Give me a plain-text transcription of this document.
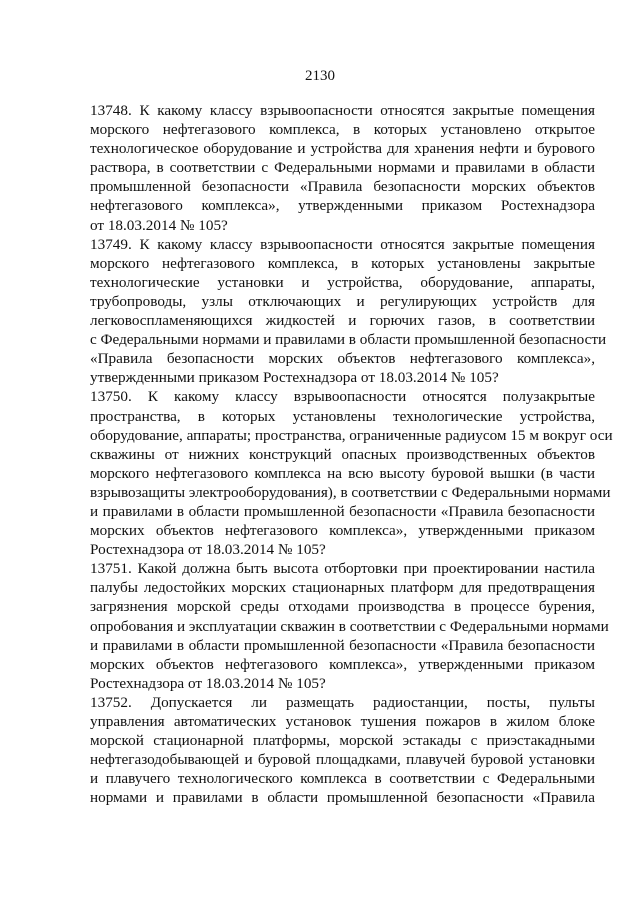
2130
13748. К какому классу взрывоопасности относятся закрытые помещения
морского нефтегазового комплекса, в которых установлено открытое
технологическое оборудование и устройства для хранения нефти и бурового
раствора, в соответствии с Федеральными нормами и правилами в области
промышленной безопасности «Правила безопасности морских объектов
нефтегазового комплекса», утвержденными приказом Ростехнадзора
от 18.03.2014 № 105?
13749. К какому классу взрывоопасности относятся закрытые помещения
морского нефтегазового комплекса, в которых установлены закрытые
технологические установки и устройства, оборудование, аппараты,
трубопроводы, узлы отключающих и регулирующих устройств для
легковоспламеняющихся жидкостей и горючих газов, в соответствии
с Федеральными нормами и правилами в области промышленной безопасности
«Правила безопасности морских объектов нефтегазового комплекса»,
утвержденными приказом Ростехнадзора от 18.03.2014 № 105?
13750. К какому классу взрывоопасности относятся полузакрытые
пространства, в которых установлены технологические устройства,
оборудование, аппараты; пространства, ограниченные радиусом 15 м вокруг оси
скважины от нижних конструкций опасных производственных объектов
морского нефтегазового комплекса на всю высоту буровой вышки (в части
взрывозащиты электрооборудования), в соответствии с Федеральными нормами
и правилами в области промышленной безопасности «Правила безопасности
морских объектов нефтегазового комплекса», утвержденными приказом
Ростехнадзора от 18.03.2014 № 105?
13751. Какой должна быть высота отбортовки при проектировании настила
палубы ледостойких морских стационарных платформ для предотвращения
загрязнения морской среды отходами производства в процессе бурения,
опробования и эксплуатации скважин в соответствии с Федеральными нормами
и правилами в области промышленной безопасности «Правила безопасности
морских объектов нефтегазового комплекса», утвержденными приказом
Ростехнадзора от 18.03.2014 № 105?
13752. Допускается ли размещать радиостанции, посты, пульты
управления автоматических установок тушения пожаров в жилом блоке
морской стационарной платформы, морской эстакады с приэстакадными
нефтегазодобывающей и буровой площадками, плавучей буровой установки
и плавучего технологического комплекса в соответствии с Федеральными
нормами и правилами в области промышленной безопасности «Правила
